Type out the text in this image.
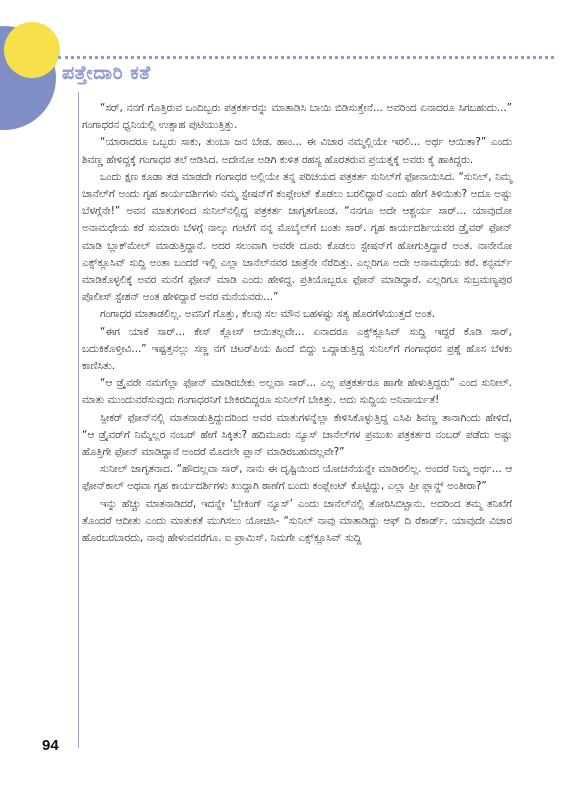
ಪತ್ತೇದಾರಿ ಕತೆ

“ಸರ್, ನನಗೆ ಗೊತ್ತಿರುವ ಒಂದಿಬ್ಬರು ಪತ್ರಕರ್ತರನ್ನು ಮಾತಾಡಿಸಿ ಬಾಯಿ ಬಿಡಿಸುತ್ತೇನೆ... ಅವರಿಂದ ಏನಾದರೂ ಸಿಗಬಹುದು...” ಗಂಗಾಧರನ ಧ್ವನಿಯಲ್ಲಿ ಉತ್ಸಾಹ ಪುಟಿಯುತ್ತಿತ್ತು.

“ಯಾರಾದರೂ ಒಬ್ಬರು ಸಾಕು, ತುಂಬಾ ಜನ ಬೇಡ. ಹಾಂ... ಈ ವಿಚಾರ ನಮ್ಮಲ್ಲಿಯೇ ಇರಲಿ... ಅರ್ಥ ಆಯಿತಾ?” ಎಂದು ಶಿವಣ್ಣ ಹೇಳಿದ್ದಕ್ಕೆ ಗಂಗಾಧರ ತಲೆ ಆಡಿಸಿದ. ಅದೇನೋ ಅಡಿಗಿ ಕುಳಿತ ರಹಸ್ಯ ಹೊರತರುವ ಪ್ರಯತ್ನಕ್ಕೆ ಅವರು ಕೈ ಹಾಕಿದ್ದರು.

ಒಂದು ಕ್ಷಣ ಕೂಡಾ ತಡ ಮಾಡದೇ ಗಂಗಾಧರ ಅಲ್ಲಿಯೇ ತನ್ನ ಪರಿಚಯದ ಪತ್ರಕರ್ತ ಸುನಿಲ್‌ಗೆ ಫೋನಾಯಿಸಿದ. “ಸುನಿಲ್, ನಿಮ್ಮ ಚಾನೆಲ್‌ಗೆ ಅಂದು ಗೃಹ ಕಾರ್ಯದರ್ಶಿಗಳು ನಮ್ಮ ಸ್ಟೇಷನ್‌ಗೆ ಕಂಪ್ಲೇಂಟ್ ಕೊಡಲು ಬರಲಿದ್ದಾರೆ ಎಂದು ಹೇಗೆ ತಿಳಿಯಿತು? ಅದೂ ಅಷ್ಟು ಬೆಳಗ್ಗೆನೇ!” ಅವನ ಮಾತುಗಳಿಂದ ಸುನಿಲ್‌ನಲ್ಲಿದ್ದ ಪತ್ರಕರ್ತ ಜಾಗೃತಗೊಂಡ. “ನನಗೂ ಅದೇ ಆಶ್ಚರ್ಯ ಸಾರ್... ಯಾವುದೋ ಅನಾಮಧೇಯ ಕರೆ ಸುಮಾರು ಬೆಳಗ್ಗೆ ನಾಲ್ಕು ಗಂಟೆಗೆ ನನ್ನ ಮೊಬೈಲ್‌ಗೆ ಬಂತು ಸಾರ್. ಗೃಹ ಕಾರ್ಯದರ್ಶಿಯವರ ಡ್ರೈವರ್ ಫೋನ್ ಮಾಡಿ ಬ್ಲಾಕ್‌ಮೇಲ್ ಮಾಡುತ್ತಿದ್ದಾನೆ. ಅದರ ಸಲುವಾಗಿ ಅವರೇ ದೂರು ಕೊಡಲು ಸ್ಟೇಷನ್‌ಗೆ ಹೋಗುತ್ತಿದ್ದಾರೆ ಅಂತ. ನಾನೇನೋ ಎಕ್ಸ್‌ಕ್ಲೂಸಿವ್ ಸುದ್ದಿ ಅಂತಾ ಬಂದರೆ ಇಲ್ಲಿ ಎಲ್ಲಾ ಚಾನೆಲ್‌ನವರ ಜಾತ್ರೆನೇ ನೆರೆದಿತ್ತು. ಎಲ್ಲರಿಗೂ ಅದೇ ಅನಾಮಧೇಯ ಕರೆ. ಕನ್ಫರ್ಮ್ ಮಾಡಿಕೊಳ್ಳಲಿಕ್ಕೆ ಅವರ ಮನೆಗೆ ಫೋನ್ ಮಾಡಿ ಎಂದು ಹೇಳಿದ್ದ. ಪ್ರತಿಯೊಬ್ಬರೂ ಫೋನ್ ಮಾಡಿದ್ದಾರೆ. ಎಲ್ಲರಿಗೂ ಸುಬ್ರಮಣ್ಯಪುರ ಪೊಲೀಸ್ ಸ್ಟೇಶನ್ ಅಂತ ಹೇಳಿದ್ದಾರೆ ಅವರ ಮನೆಯವರು...”

ಗಂಗಾಧರ ಮಾತಾಡಲಿಲ್ಲ. ಅವನಿಗೆ ಗೊತ್ತು, ಕೆಲವು ಸಲ ಮೌನ ಬಹಳಷ್ಟು ಸತ್ಯ ಹೊರಗೆಳೆಯುತ್ತದೆ ಅಂತ.

“ಈಗ ಯಾಕೆ ಸಾರ್... ಕೇಸ್ ಕ್ಲೋಸ್ ಆಯಿತಲ್ಲವೇ... ಏನಾದರೂ ಎಕ್ಸ್‌ಕ್ಲೂಸಿವ್ ಸುದ್ದಿ ಇದ್ದರೆ ಕೊಡಿ ಸಾರ್, ಬದುಕಿಕೊಳ್ತೀವಿ...” ಇಷ್ಟತ್ತನಲ್ಲು ಸಣ್ಣ ನಗೆ ಚಿಟರ್‌ಪಿಯ ಹಿಂದೆ ಬಿದ್ದು ಒದ್ದಾಡುತ್ತಿದ್ದ ಸುನಿಲ್‌ಗೆ ಗಂಗಾಧರನ ಪ್ರಶ್ನೆ ಹೊಸ ಬೆಳಕು ಕಾಣಿಸಿತು.

“ಆ ಡ್ರೈವರೇ ನಮಗೆಲ್ಲಾ ಫೋನ್ ಮಾಡಿರಬೇಕು ಅಲ್ಲವಾ ಸಾರ್... ಎಲ್ಲ ಪತ್ರಕರ್ತರೂ ಹಾಗೇ ಹೇಳುತ್ತಿದ್ದರು” ಎಂದ ಸುನೀಲ್. ಮಾತು ಮುಂದುವರೆಸುವುದು ಗಂಗಾಧರನಿಗೆ ಬೇಕಿರದಿದ್ದರೂ ಸುನಿಲ್‌ಗೆ ಬೇಕಿತ್ತು. ಅದು ಸುದ್ದಿಯ ಅನಿವಾರ್ಯತೆ!

ಸ್ಪೀಕರ್ ಫೋನ್‌ನಲ್ಲಿ ಮಾತನಾಡುತ್ತಿದ್ದುದರಿಂದ ಅವರ ಮಾತುಗಳನ್ನೆಲ್ಲಾ ಕೇಳಿಸಿಕೊಳ್ಳುತ್ತಿದ್ದ ಎಸಿಪಿ ಶಿವಣ್ಣ ತಾನಾಗಿಂದು ಹೇಳಿದೆ, “ಆ ಡ್ರೈವರ್‌ಗೆ ನಿಮ್ಮೆಲ್ಲರ ನಂಬರ್ ಹೇಗೆ ಸಿಕ್ಕಿತು? ಹದಿಮೂರು ನ್ಯೂಸ್ ಚಾನೆಲ್‌ಗಳ ಪ್ರಮುಖ ಪತ್ರಕರ್ತರ ನಂಬರ್ ಪಡೆದು ಅಷ್ಟು ಹೊತ್ತಿಗೇ ಫೋನ್ ಮಾಡಿದ್ದಾನೆ ಅಂದರೆ ಮೊದಲೇ ಪ್ಲಾನ್ ಮಾಡಿರಬಹುದಲ್ಲವೇ?”

ಸುನೀಲ್ ಜಾಗೃತನಾದ. “ಹೌದಲ್ಲವಾ ಸಾರ್, ನಾನು ಈ ದೃಷ್ಟಿಯಿಂದ ಯೋಚನೆಯನ್ನೇ ಮಾಡಿರಲಿಲ್ಲ. ಅಂದರೆ ನಿಮ್ಮ ಅರ್ಥ... ಆ ಫೋನ್‌ಕಾಲ್ ಅಥವಾ ಗೃಹ ಕಾರ್ಯದರ್ಶಿಗಳು ಖುದ್ದಾಗಿ ಠಾಣೆಗೆ ಬಂದು ಕಂಪ್ಲೇಂಟ್ ಕೊಟ್ಟಿದ್ದು, ಎಲ್ಲಾ ಪ್ರೀ ಪ್ಲಾನ್ಡ್ ಅಂತೀರಾ?”

ಇನ್ನು ಹೆಚ್ಚು ಮಾತನಾಡಿದರೆ, ಇದನ್ನೇ ‘ಬ್ರೇಕಿಂಗ್ ನ್ಯೂಸ್’ ಎಂದು ಚಾನೆಲ್‌ನಲ್ಲಿ ತೋರಿಸಿಬಿಟ್ಟಾನು. ಅದರಿಂದ ತಮ್ಮ ತನಿಖೆಗೆ ತೊಂದರೆ ಆದೀತು ಎಂದು ಮಾತುಕತೆ ಮುಗಿಸಲು ಯೋಚಿಸಿ- “ಸುನಿಲ್ ನಾವು ಮಾತಾಡಿದ್ದು ಆಫ್ ದಿ ರೆಕಾರ್ಡ್. ಯಾವುದೇ ವಿಚಾರ ಹೊರಬರಬಾರದು, ನಾವು ಹೇಳುವವರೆಗೂ. ಐ ಪ್ರಾಮಿಸ್. ನಿಮಗೇ ಎಕ್ಸ್‌ಕ್ಲೂಸಿವ್ ಸುದ್ದಿ

94
